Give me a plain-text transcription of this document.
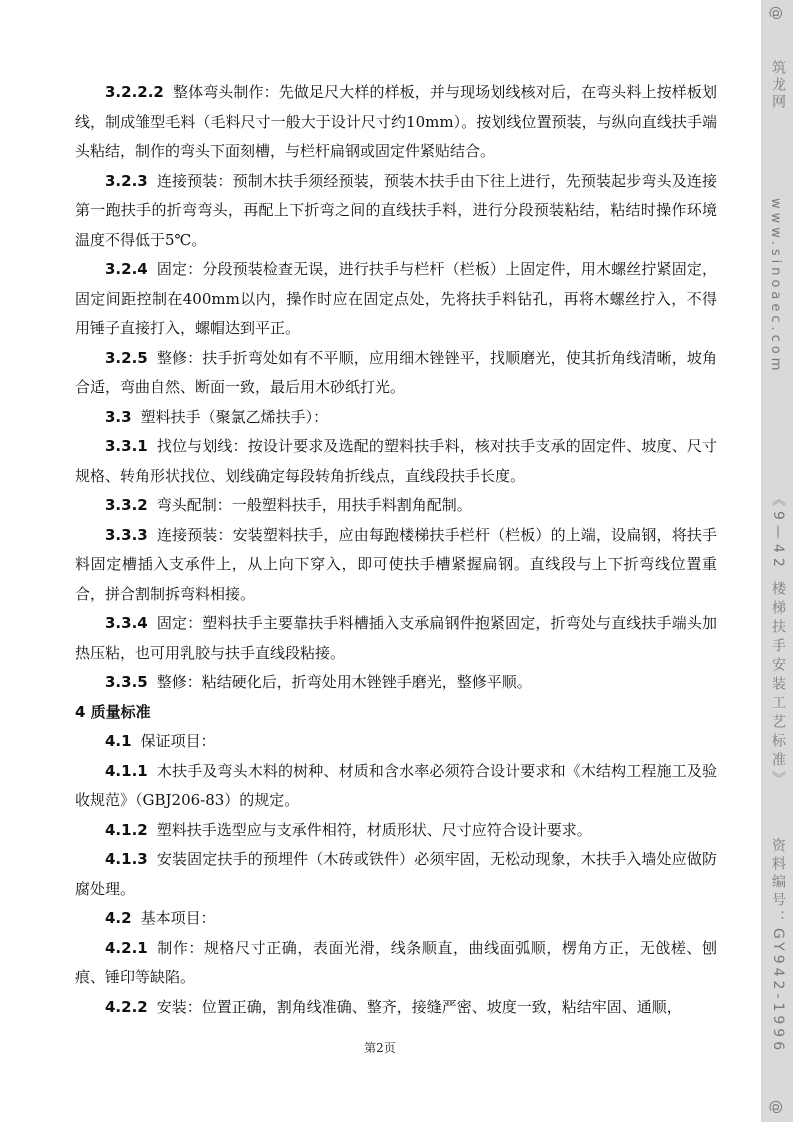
3.2.2.2 整体弯头制作：先做足尺大样的样板，并与现场划线核对后，在弯头料上按样板划线，制成雏型毛料（毛料尺寸一般大于设计尺寸约10mm）。按划线位置预装，与纵向直线扶手端头粘结，制作的弯头下面刻槽，与栏杆扁钢或固定件紧贴结合。

3.2.3 连接预装：预制木扶手须经预装，预装木扶手由下往上进行，先预装起步弯头及连接第一跑扶手的折弯弯头，再配上下折弯之间的直线扶手料，进行分段预装粘结，粘结时操作环境温度不得低于5℃。

3.2.4 固定：分段预装检查无误，进行扶手与栏杆（栏板）上固定件，用木螺丝拧紧固定，固定间距控制在400mm以内，操作时应在固定点处，先将扶手料钻孔，再将木螺丝拧入，不得用锤子直接打入，螺帽达到平正。

3.2.5 整修：扶手折弯处如有不平顺，应用细木锉锉平，找顺磨光，使其折角线清晰，坡角合适，弯曲自然、断面一致，最后用木砂纸打光。

3.3 塑料扶手（聚氯乙烯扶手）：

3.3.1 找位与划线：按设计要求及选配的塑料扶手料，核对扶手支承的固定件、坡度、尺寸规格、转角形状找位、划线确定每段转角折线点，直线段扶手长度。

3.3.2 弯头配制：一般塑料扶手，用扶手料割角配制。

3.3.3 连接预装：安装塑料扶手，应由每跑楼梯扶手栏杆（栏板）的上端，设扁钢，将扶手料固定槽插入支承件上，从上向下穿入，即可使扶手槽紧握扁钢。直线段与上下折弯线位置重合，拼合割制拆弯料相接。

3.3.4 固定：塑料扶手主要靠扶手料槽插入支承扁钢件抱紧固定，折弯处与直线扶手端头加热压粘，也可用乳胶与扶手直线段粘接。

3.3.5 整修：粘结硬化后，折弯处用木锉锉手磨光，整修平顺。

4 质量标准

4.1 保证项目：

4.1.1 木扶手及弯头木料的树种、材质和含水率必须符合设计要求和《木结构工程施工及验收规范》（GBJ206-83）的规定。

4.1.2 塑料扶手选型应与支承件相符，材质形状、尺寸应符合设计要求。

4.1.3 安装固定扶手的预埋件（木砖或铁件）必须牢固，无松动现象，木扶手入墙处应做防腐处理。

4.2 基本项目：

4.2.1 制作：规格尺寸正确，表面光滑，线条顺直，曲线面弧顺，楞角方正，无戗槎、刨痕、锤印等缺陷。

4.2.2 安装：位置正确，割角线准确、整齐，接缝严密、坡度一致，粘结牢固、通顺，

第2页
@
筑龙网
www.sinoaec.com
《9—42 楼梯扶手安装工艺标准》
资料编号：GY942-1996
@
